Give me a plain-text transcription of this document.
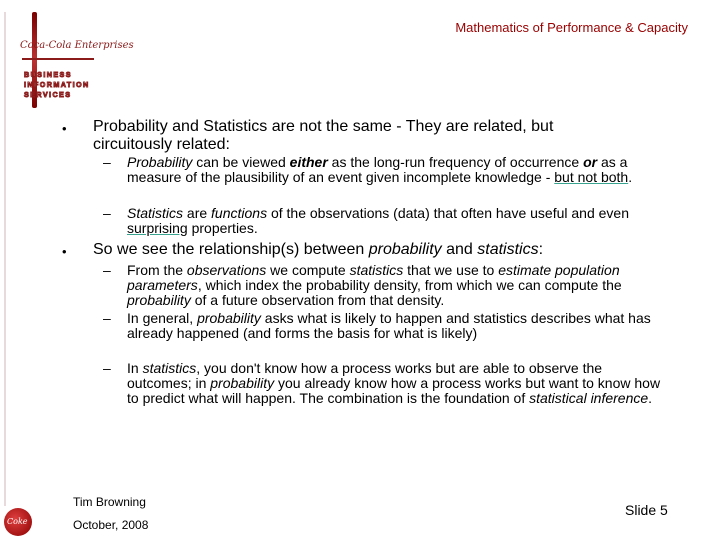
Coca-Cola Enterprises
BUSINESS
INFORMATION
SERVICES
Mathematics of Performance & Capacity
• Probability and Statistics are not the same - They are related, but
circuitously related:
– Probability can be viewed either as the long-run frequency of occurrence or as a measure of the plausibility of an event given incomplete knowledge - but not both.
– Statistics are functions of the observations (data) that often have useful and even surprising properties.
• So we see the relationship(s) between probability and statistics:
– From the observations we compute statistics that we use to estimate population parameters, which index the probability density, from which we can compute the probability of a future observation from that density.
– In general, probability asks what is likely to happen and statistics describes what has already happened (and forms the basis for what is likely)
– In statistics, you don't know how a process works but are able to observe the outcomes; in probability you already know how a process works but want to know how to predict what will happen. The combination is the foundation of statistical inference.
Tim Browning
October, 2008
Slide 5
Coke
